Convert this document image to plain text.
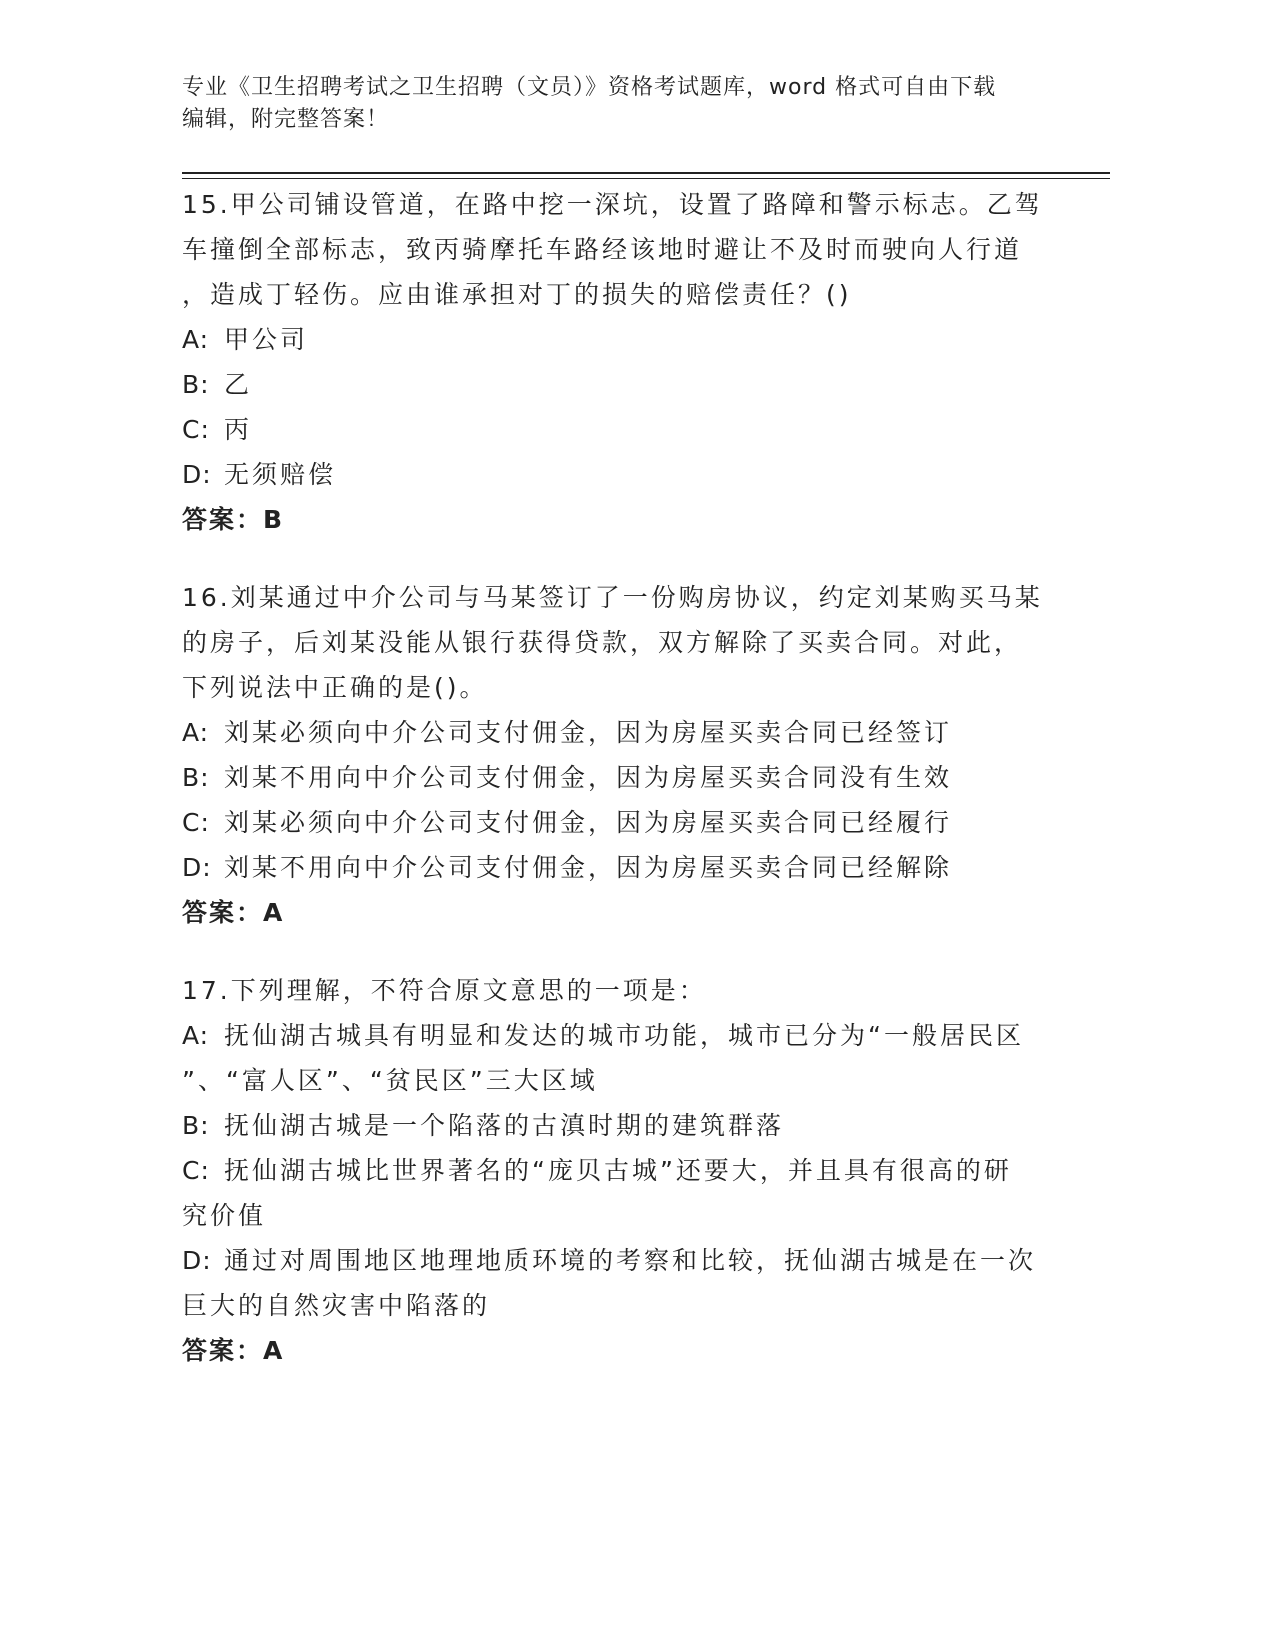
专业《卫生招聘考试之卫生招聘（文员）》资格考试题库，word 格式可自由下载
编辑，附完整答案！

15.甲公司铺设管道，在路中挖一深坑，设置了路障和警示标志。乙驾

车撞倒全部标志，致丙骑摩托车路经该地时避让不及时而驶向人行道

，造成丁轻伤。应由谁承担对丁的损失的赔偿责任？()

A: 甲公司

B: 乙

C: 丙

D: 无须赔偿

答案：B

16.刘某通过中介公司与马某签订了一份购房协议，约定刘某购买马某

的房子，后刘某没能从银行获得贷款，双方解除了买卖合同。对此，

下列说法中正确的是()。

A: 刘某必须向中介公司支付佣金，因为房屋买卖合同已经签订

B: 刘某不用向中介公司支付佣金，因为房屋买卖合同没有生效

C: 刘某必须向中介公司支付佣金，因为房屋买卖合同已经履行

D: 刘某不用向中介公司支付佣金，因为房屋买卖合同已经解除

答案：A

17.下列理解，不符合原文意思的一项是：

A: 抚仙湖古城具有明显和发达的城市功能，城市已分为“一般居民区

”、“富人区”、“贫民区”三大区域

B: 抚仙湖古城是一个陷落的古滇时期的建筑群落

C: 抚仙湖古城比世界著名的“庞贝古城”还要大，并且具有很高的研

究价值

D: 通过对周围地区地理地质环境的考察和比较，抚仙湖古城是在一次

巨大的自然灾害中陷落的

答案：A
